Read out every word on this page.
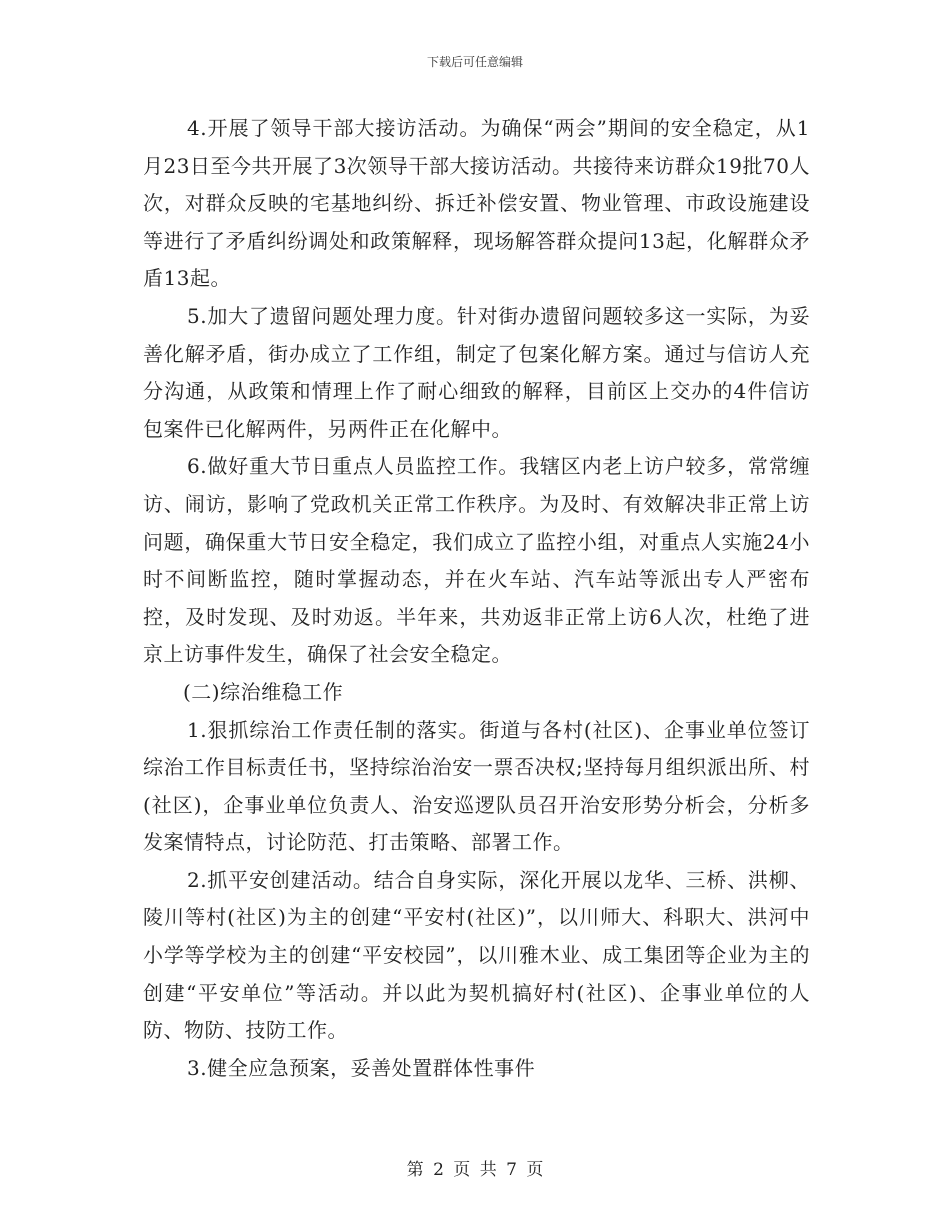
下载后可任意编辑

4.开展了领导干部大接访活动。为确保“两会”期间的安全稳定，从1月23日至今共开展了3次领导干部大接访活动。共接待来访群众19批70人次，对群众反映的宅基地纠纷、拆迁补偿安置、物业管理、市政设施建设等进行了矛盾纠纷调处和政策解释，现场解答群众提问13起，化解群众矛盾13起。

5.加大了遗留问题处理力度。针对街办遗留问题较多这一实际，为妥善化解矛盾，街办成立了工作组，制定了包案化解方案。通过与信访人充分沟通，从政策和情理上作了耐心细致的解释，目前区上交办的4件信访包案件已化解两件，另两件正在化解中。

6.做好重大节日重点人员监控工作。我辖区内老上访户较多，常常缠访、闹访，影响了党政机关正常工作秩序。为及时、有效解决非正常上访问题，确保重大节日安全稳定，我们成立了监控小组，对重点人实施24小时不间断监控，随时掌握动态，并在火车站、汽车站等派出专人严密布控，及时发现、及时劝返。半年来，共劝返非正常上访6人次，杜绝了进京上访事件发生，确保了社会安全稳定。

(二)综治维稳工作

1.狠抓综治工作责任制的落实。街道与各村(社区)、企事业单位签订综治工作目标责任书，坚持综治治安一票否决权;坚持每月组织派出所、村(社区)，企事业单位负责人、治安巡逻队员召开治安形势分析会，分析多发案情特点，讨论防范、打击策略、部署工作。

2.抓平安创建活动。结合自身实际，深化开展以龙华、三桥、洪柳、陵川等村(社区)为主的创建“平安村(社区)”，以川师大、科职大、洪河中小学等学校为主的创建“平安校园”，以川雅木业、成工集团等企业为主的创建“平安单位”等活动。并以此为契机搞好村(社区)、企事业单位的人防、物防、技防工作。

3.健全应急预案，妥善处置群体性事件

第 2 页 共 7 页
